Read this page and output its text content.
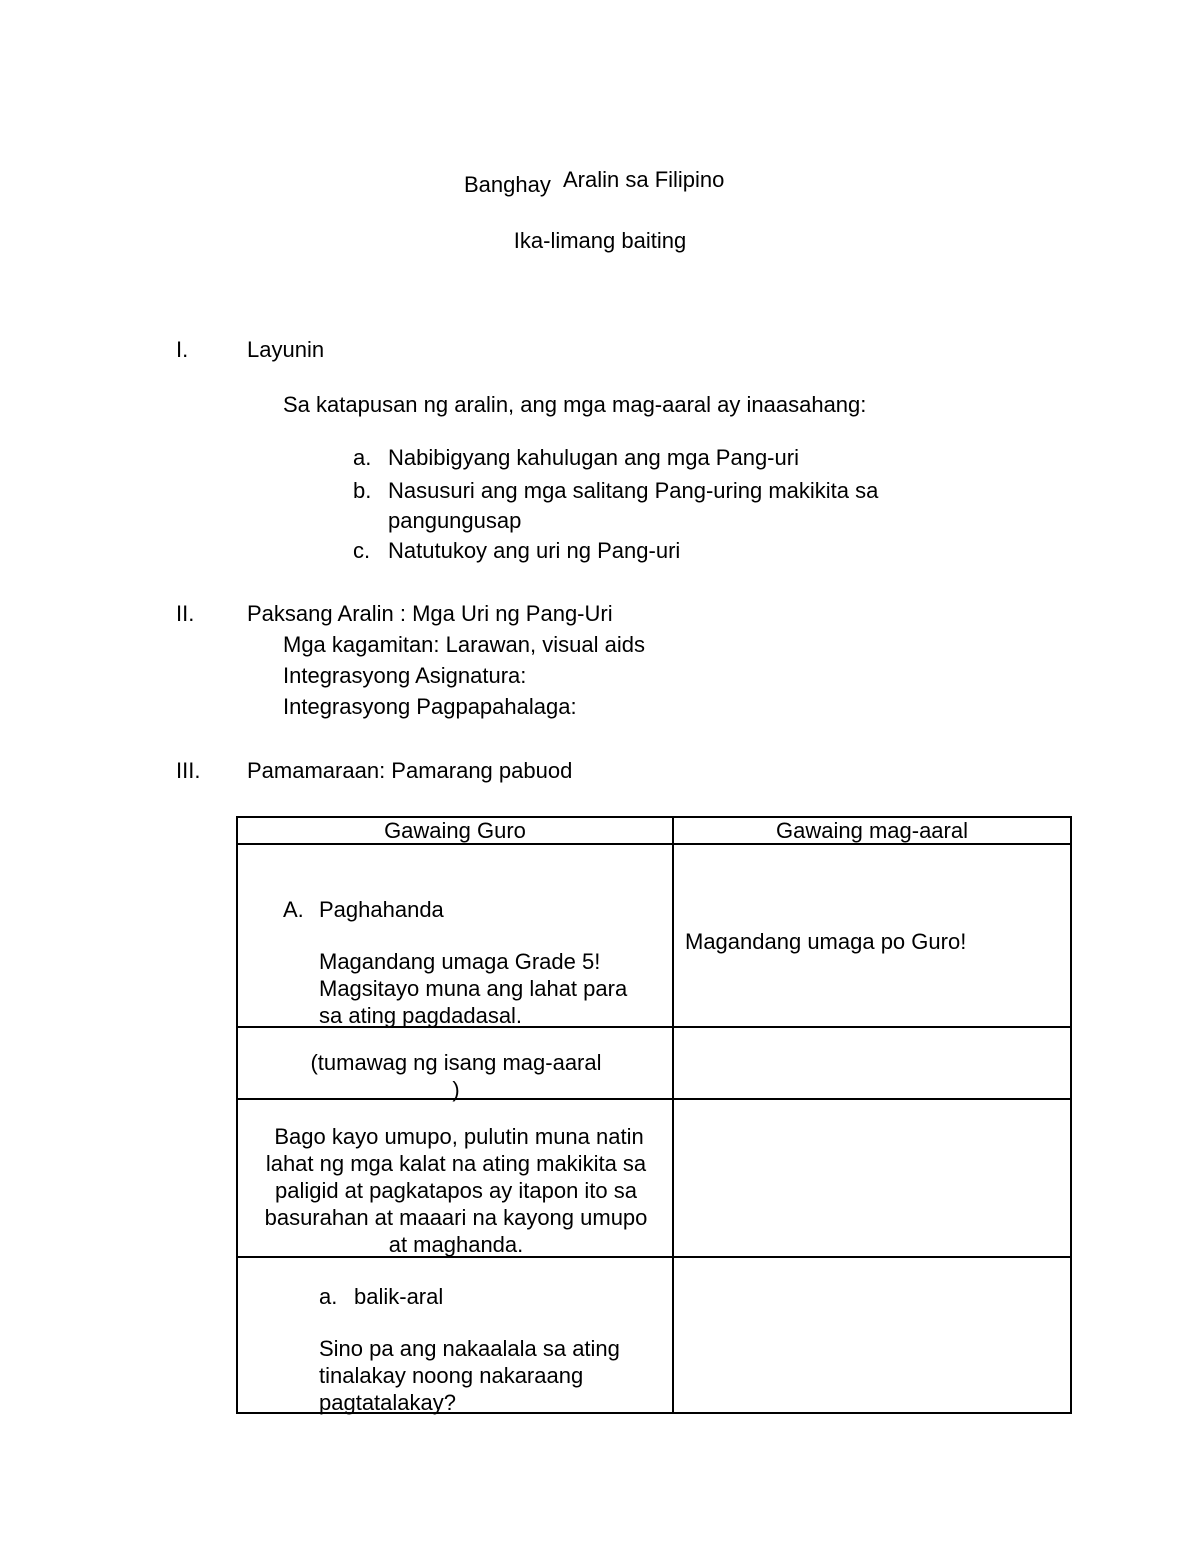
Banghay Aralin sa Filipino
Ika-limang baiting
I.	Layunin
Sa katapusan ng aralin, ang mga mag-aaral ay inaasahang:
a. Nabibigyang kahulugan ang mga Pang-uri
b. Nasusuri ang mga salitang Pang-uring makikita sa
pangungusap
c. Natutukoy ang uri ng Pang-uri
II. Paksang Aralin : Mga Uri ng Pang-Uri
Mga kagamitan: Larawan, visual aids
Integrasyong Asignatura:
Integrasyong Pagpapahalaga:
III. Pamamaraan: Pamarang pabuod
Gawaing Guro	Gawaing mag-aaral

A. Paghahanda
Magandang umaga Grade 5!
Magsitayo muna ang lahat para
sa ating pagdadasal.	Magandang umaga po Guro!

(tumawag ng isang mag-aaral
)	

Bago kayo umupo, pulutin muna natin
lahat ng mga kalat na ating makikita sa
paligid at pagkatapos ay itapon ito sa
basurahan at maaari na kayong umupo
at maghanda.	

a. balik-aral
Sino pa ang nakaalala sa ating
tinalakay noong nakaraang
pagtatalakay?	
